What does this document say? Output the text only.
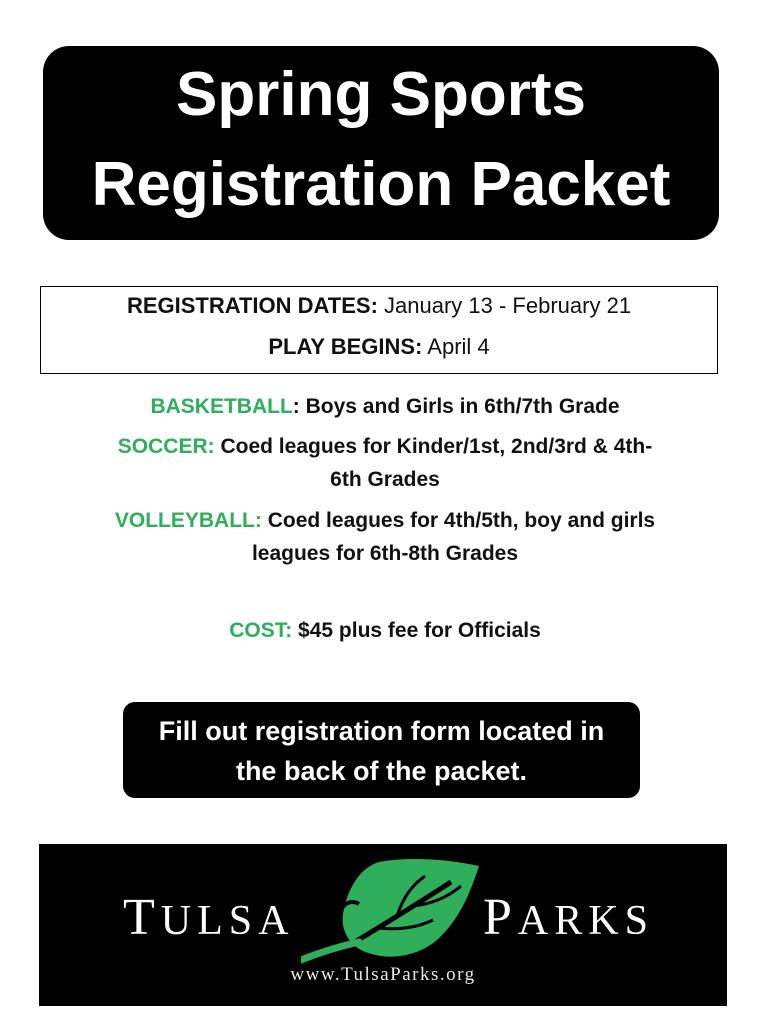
Spring Sports
Registration Packet
REGISTRATION DATES: January 13 - February 21
PLAY BEGINS: April 4
BASKETBALL: Boys and Girls in 6th/7th Grade
SOCCER: Coed leagues for Kinder/1st, 2nd/3rd & 4th-
6th Grades
VOLLEYBALL: Coed leagues for 4th/5th, boy and girls
leagues for 6th-8th Grades
COST: $45 plus fee for Officials
Fill out registration form located in
the back of the packet.
TULSA	PARKS
www.TulsaParks.org
